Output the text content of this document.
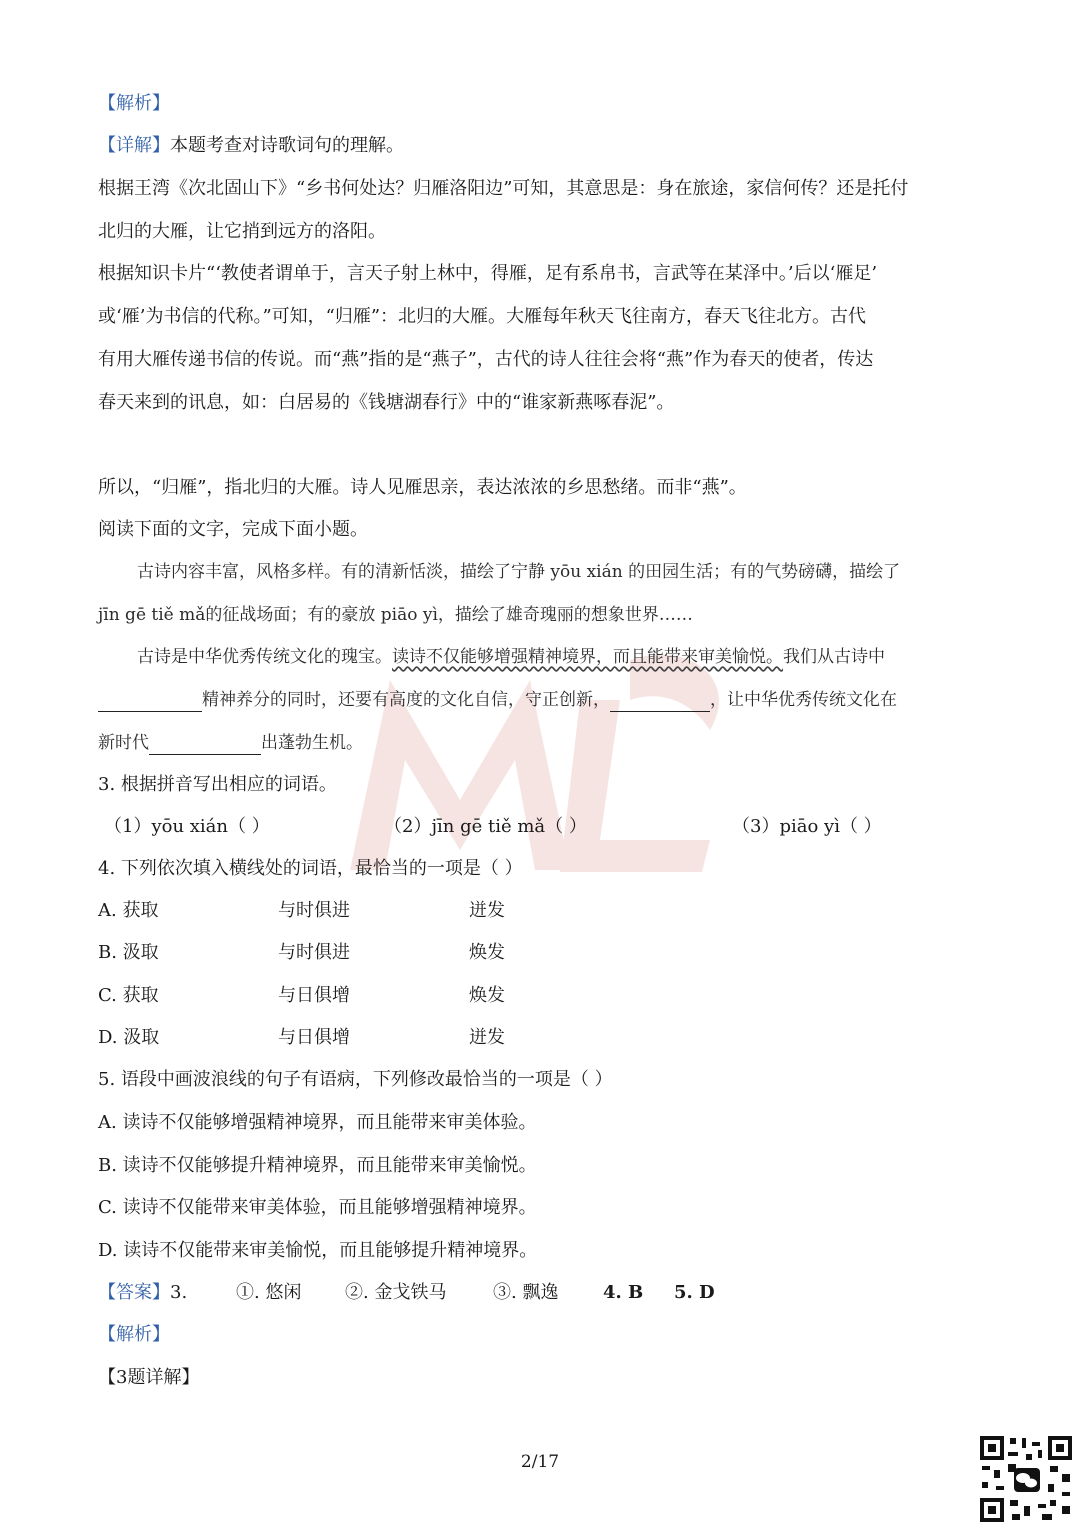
【解析】
【详解】本题考查对诗歌词句的理解。
根据王湾《次北固山下》“乡书何处达？归雁洛阳边”可知，其意思是：身在旅途，家信何传？还是托付
北归的大雁，让它捎到远方的洛阳。
根据知识卡片“‘教使者谓单于，言天子射上林中，得雁，足有系帛书，言武等在某泽中。’后以‘雁足’
或‘雁’为书信的代称。”可知，“归雁”：北归的大雁。大雁每年秋天飞往南方，春天飞往北方。古代
有用大雁传递书信的传说。而“燕”指的是“燕子”，古代的诗人往往会将“燕”作为春天的使者，传达
春天来到的讯息，如：白居易的《钱塘湖春行》中的“谁家新燕啄春泥”。
所以，“归雁”，指北归的大雁。诗人见雁思亲，表达浓浓的乡思愁绪。而非“燕”。
阅读下面的文字，完成下面小题。
古诗内容丰富，风格多样。有的清新恬淡，描绘了宁静 yōu xián 的田园生活；有的气势磅礴，描绘了
jīn gē tiě mǎ的征战场面；有的豪放 piāo yì，描绘了雄奇瑰丽的想象世界……
古诗是中华优秀传统文化的瑰宝。读诗不仅能够增强精神境界，而且能带来审美愉悦。我们从古诗中
精神养分的同时，还要有高度的文化自信，守正创新，	，让中华优秀传统文化在
新时代	出蓬勃生机。
3. 根据拼音写出相应的词语。
（1）yōu xián（ ）	（2）jīn gē tiě mǎ（ ）	（3）piāo yì（ ）
4. 下列依次填入横线处的词语，最恰当的一项是（ ）
A. 获取	与时俱进	迸发
B. 汲取	与时俱进	焕发
C. 获取	与日俱增	焕发
D. 汲取	与日俱增	迸发
5. 语段中画波浪线的句子有语病，下列修改最恰当的一项是（ ）
A. 读诗不仅能够增强精神境界，而且能带来审美体验。
B. 读诗不仅能够提升精神境界，而且能带来审美愉悦。
C. 读诗不仅能带来审美体验，而且能够增强精神境界。
D. 读诗不仅能带来审美愉悦，而且能够提升精神境界。
【答案】3.	①. 悠闲 ②. 金戈铁马	③. 飘逸 4. B 5. D
【解析】
【3题详解】
2/17
